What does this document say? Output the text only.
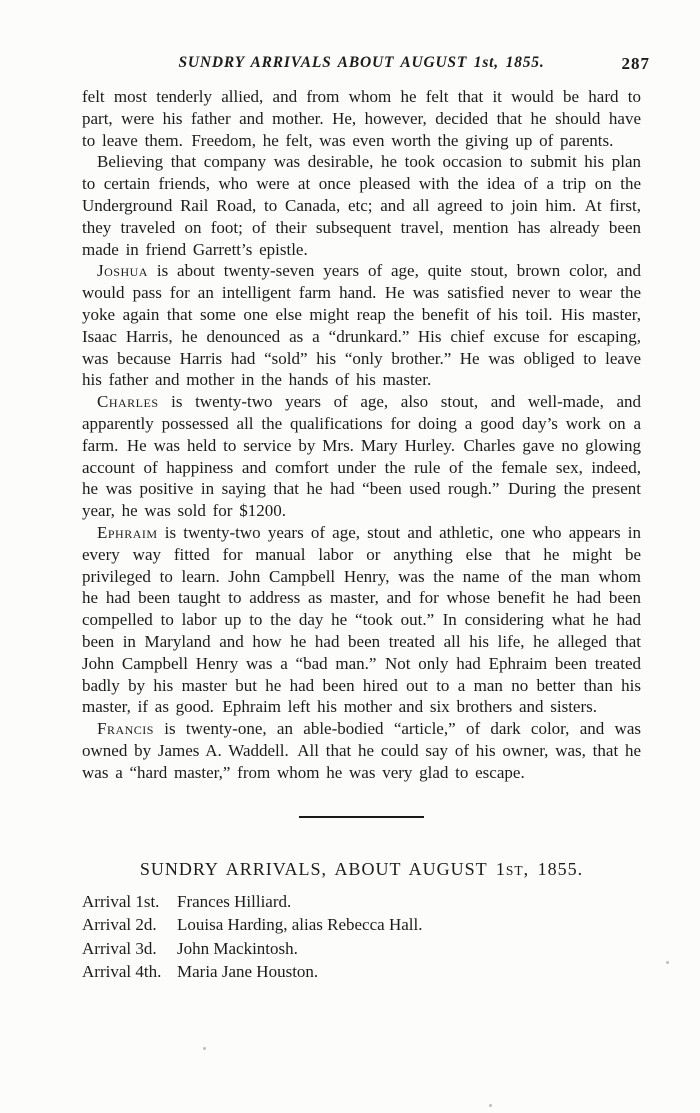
SUNDRY ARRIVALS ABOUT AUGUST 1st, 1855.	287

felt most tenderly allied, and from whom he felt that it would be hard to part, were his father and mother. He, however, decided that he should have to leave them. Freedom, he felt, was even worth the giving up of parents.

Believing that company was desirable, he took occasion to submit his plan to certain friends, who were at once pleased with the idea of a trip on the Underground Rail Road, to Canada, etc; and all agreed to join him. At first, they traveled on foot; of their subsequent travel, mention has already been made in friend Garrett’s epistle.

Joshua is about twenty-seven years of age, quite stout, brown color, and would pass for an intelligent farm hand. He was satisfied never to wear the yoke again that some one else might reap the benefit of his toil. His master, Isaac Harris, he denounced as a “drunkard.” His chief excuse for escaping, was because Harris had “sold” his “only brother.” He was obliged to leave his father and mother in the hands of his master.

Charles is twenty-two years of age, also stout, and well-made, and apparently possessed all the qualifications for doing a good day’s work on a farm. He was held to service by Mrs. Mary Hurley. Charles gave no glowing account of happiness and comfort under the rule of the female sex, indeed, he was positive in saying that he had “been used rough.” During the present year, he was sold for $1200.

Ephraim is twenty-two years of age, stout and athletic, one who appears in every way fitted for manual labor or anything else that he might be privileged to learn. John Campbell Henry, was the name of the man whom he had been taught to address as master, and for whose benefit he had been compelled to labor up to the day he “took out.” In considering what he had been in Maryland and how he had been treated all his life, he alleged that John Campbell Henry was a “bad man.” Not only had Ephraim been treated badly by his master but he had been hired out to a man no better than his master, if as good. Ephraim left his mother and six brothers and sisters.

Francis is twenty-one, an able-bodied “article,” of dark color, and was owned by James A. Waddell. All that he could say of his owner, was, that he was a “hard master,” from whom he was very glad to escape.

SUNDRY ARRIVALS, ABOUT AUGUST 1ST, 1855.
Arrival 1st. Frances Hilliard.
Arrival 2d. Louisa Harding, alias Rebecca Hall.
Arrival 3d. John Mackintosh.
Arrival 4th. Maria Jane Houston.
